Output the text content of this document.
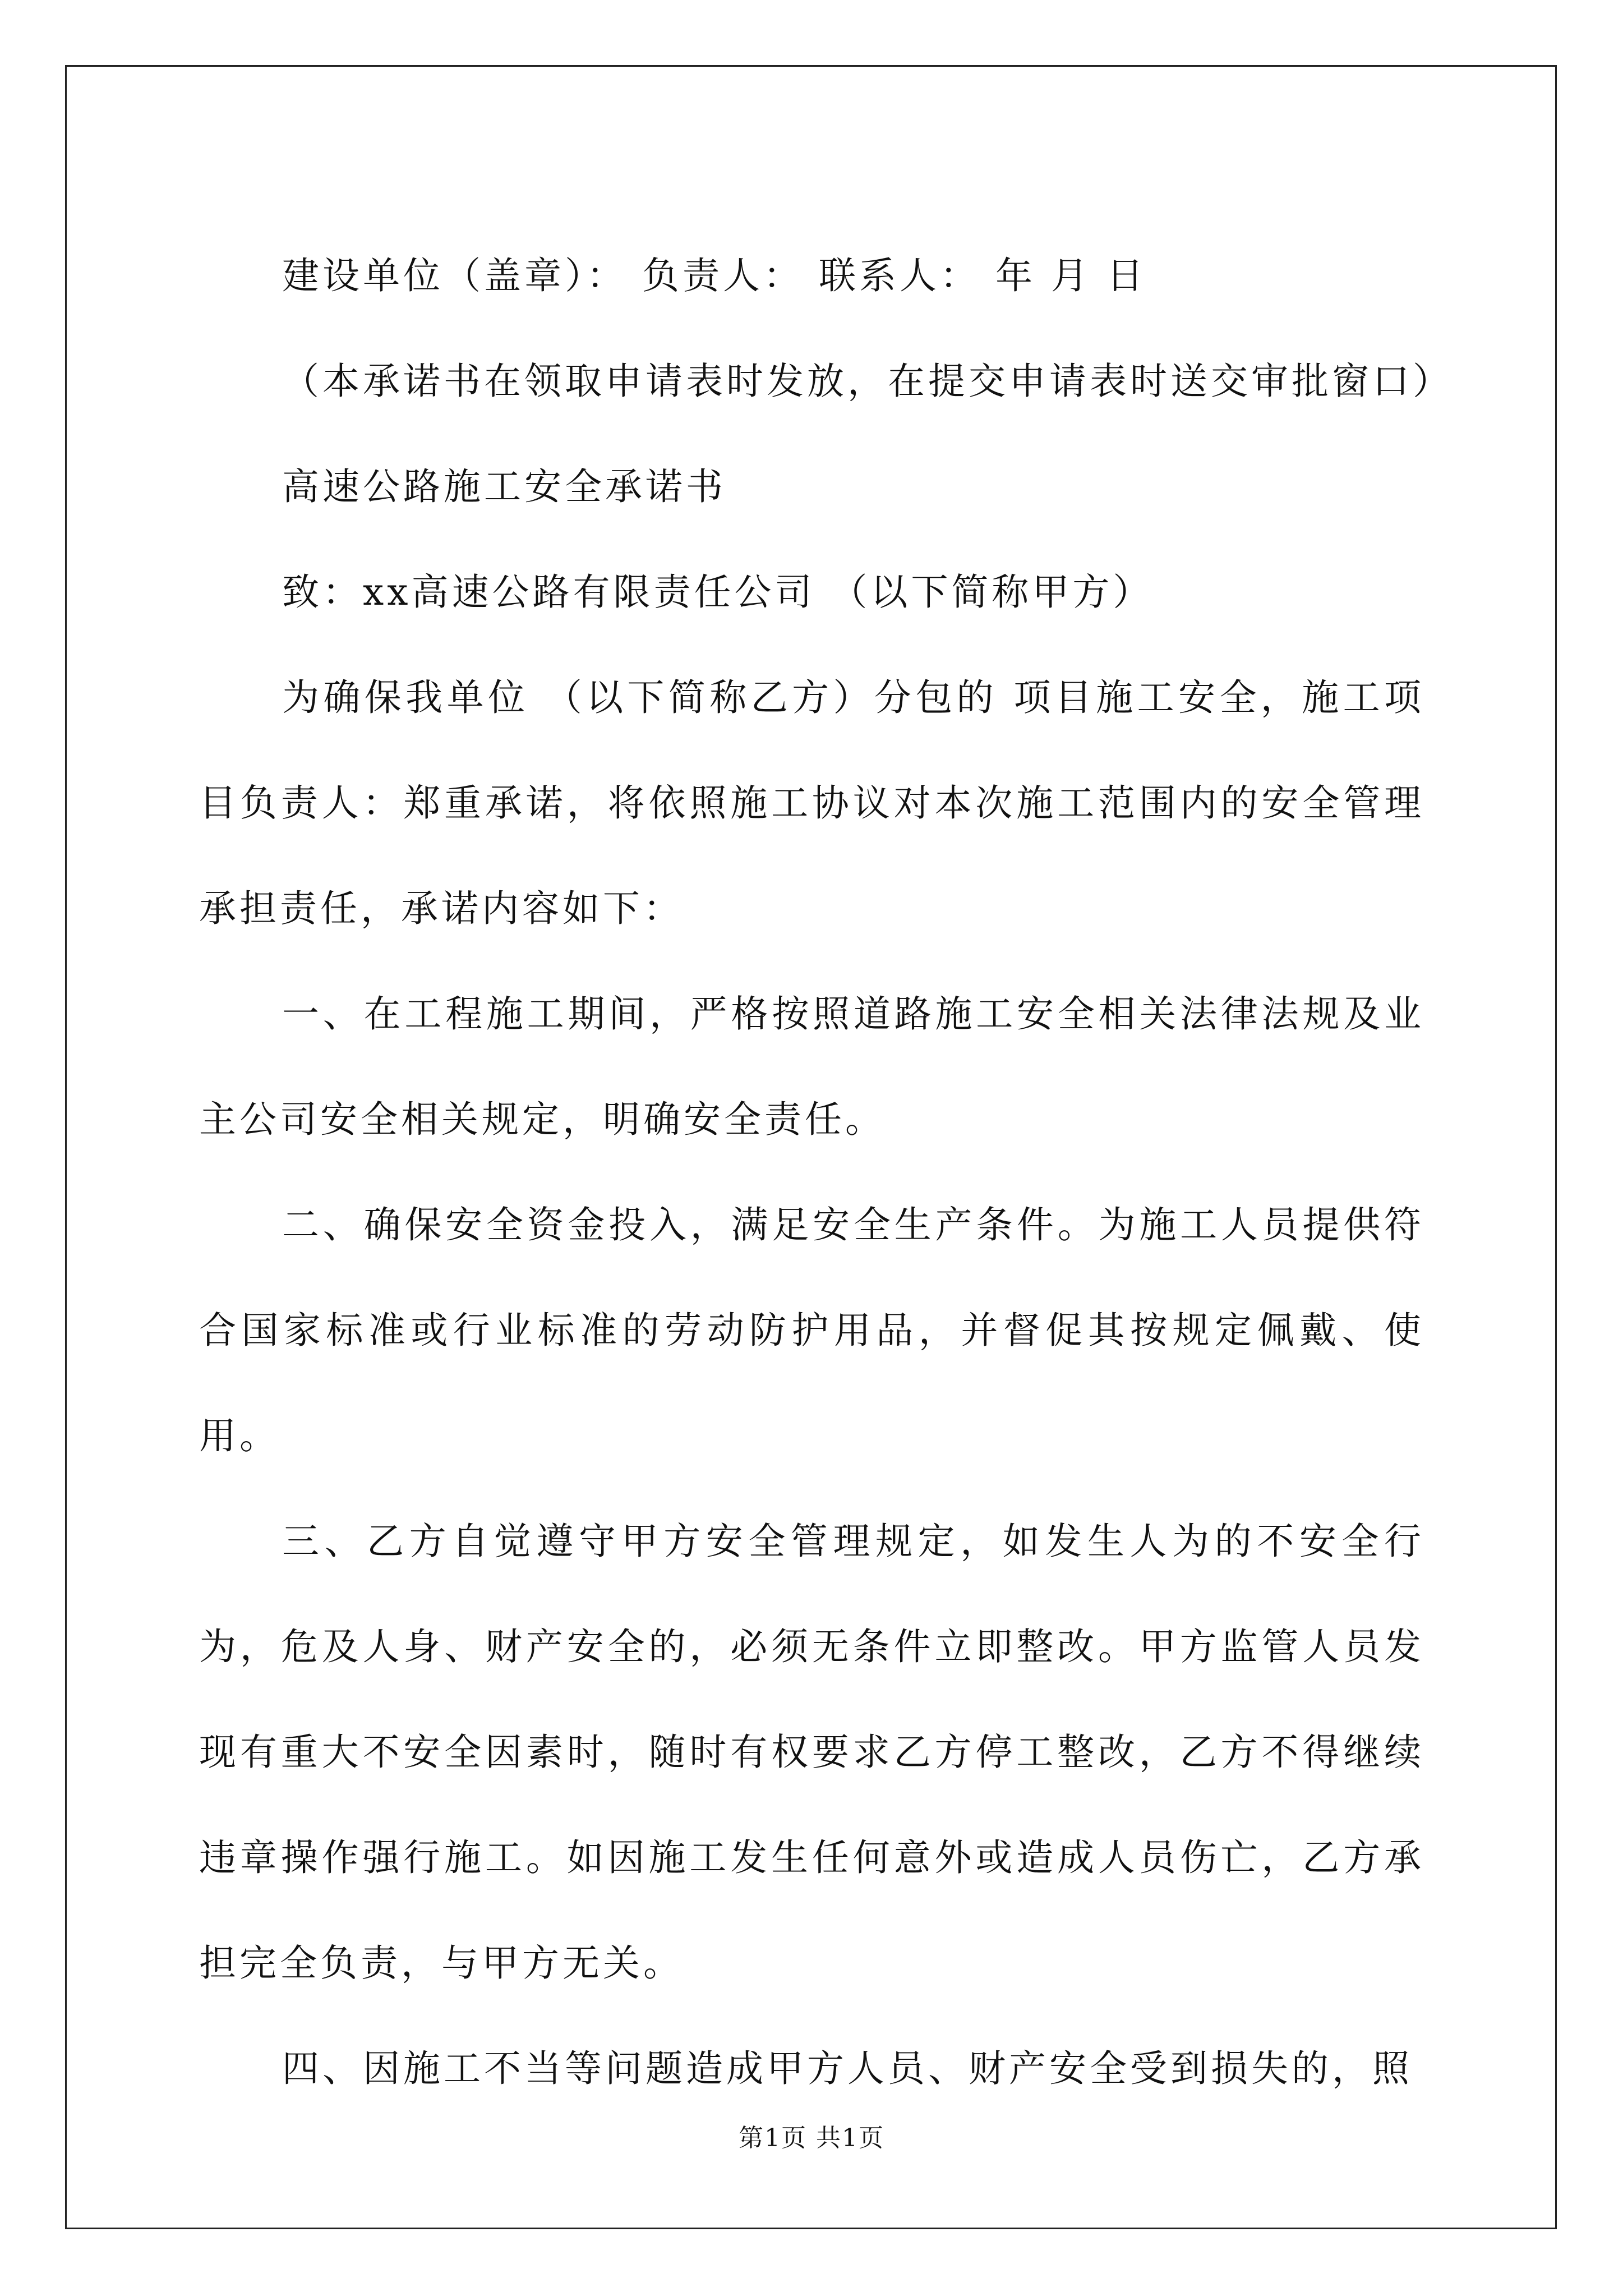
建设单位（盖章）： 负责人： 联系人： 年 月 日

（本承诺书在领取申请表时发放，在提交申请表时送交审批窗口）

高速公路施工安全承诺书

致：xx高速公路有限责任公司 （以下简称甲方）

为确保我单位 （以下简称乙方）分包的 项目施工安全，施工项目负责人：郑重承诺，将依照施工协议对本次施工范围内的安全管理承担责任，承诺内容如下：

一、在工程施工期间，严格按照道路施工安全相关法律法规及业主公司安全相关规定，明确安全责任。

二、确保安全资金投入，满足安全生产条件。为施工人员提供符合国家标准或行业标准的劳动防护用品，并督促其按规定佩戴、使用。

三、乙方自觉遵守甲方安全管理规定，如发生人为的不安全行为，危及人身、财产安全的，必须无条件立即整改。甲方监管人员发现有重大不安全因素时，随时有权要求乙方停工整改，乙方不得继续违章操作强行施工。如因施工发生任何意外或造成人员伤亡，乙方承担完全负责，与甲方无关。

四、因施工不当等问题造成甲方人员、财产安全受到损失的，照

第1页 共1页
